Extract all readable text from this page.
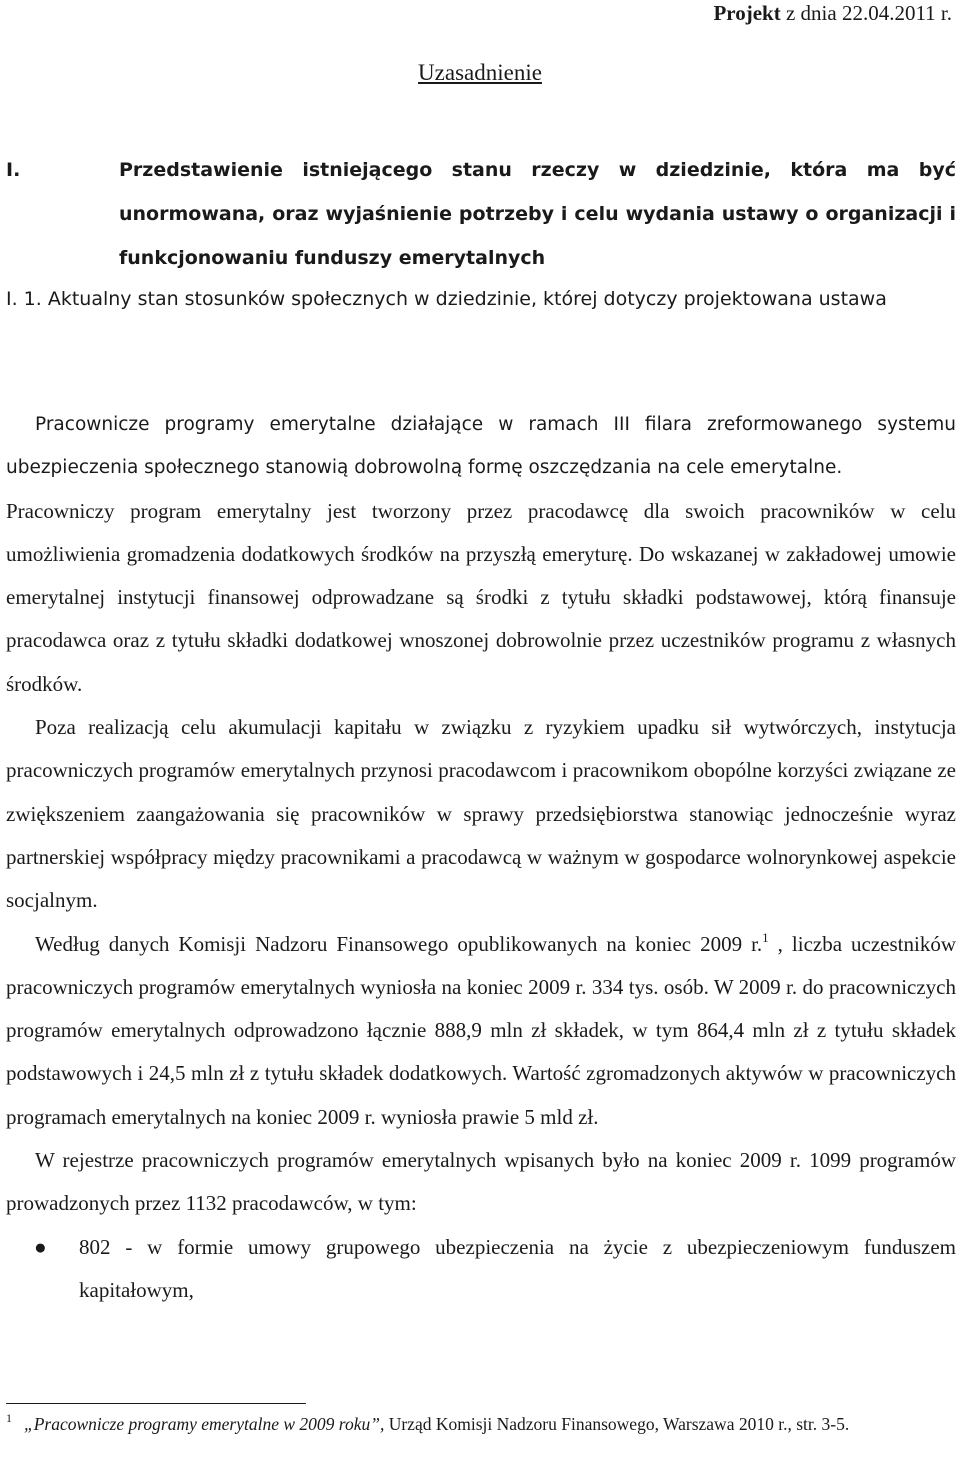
Projekt z dnia 22.04.2011 r.
Uzasadnienie
I.	Przedstawienie istniejącego stanu rzeczy w dziedzinie, która ma być unormowana, oraz wyjaśnienie potrzeby i celu wydania ustawy o organizacji i funkcjonowaniu funduszy emerytalnych
I. 1. Aktualny stan stosunków społecznych w dziedzinie, której dotyczy projektowana ustawa

Pracownicze programy emerytalne działające w ramach III filara zreformowanego systemu ubezpieczenia społecznego stanowią dobrowolną formę oszczędzania na cele emerytalne.

Pracowniczy program emerytalny jest tworzony przez pracodawcę dla swoich pracowników w celu umożliwienia gromadzenia dodatkowych środków na przyszłą emeryturę. Do wskazanej w zakładowej umowie emerytalnej instytucji finansowej odprowadzane są środki z tytułu składki podstawowej, którą finansuje pracodawca oraz z tytułu składki dodatkowej wnoszonej dobrowolnie przez uczestników programu z własnych środków.

Poza realizacją celu akumulacji kapitału w związku z ryzykiem upadku sił wytwórczych, instytucja pracowniczych programów emerytalnych przynosi pracodawcom i pracownikom obopólne korzyści związane ze zwiększeniem zaangażowania się pracowników w sprawy przedsiębiorstwa stanowiąc jednocześnie wyraz partnerskiej współpracy między pracownikami a pracodawcą w ważnym w gospodarce wolnorynkowej aspekcie socjalnym.

Według danych Komisji Nadzoru Finansowego opublikowanych na koniec 2009 r.$^1$ , liczba uczestników pracowniczych programów emerytalnych wyniosła na koniec 2009 r. 334 tys. osób. W 2009 r. do pracowniczych programów emerytalnych odprowadzono łącznie 888,9 mln zł składek, w tym 864,4 mln zł z tytułu składek podstawowych i 24,5 mln zł z tytułu składek dodatkowych. Wartość zgromadzonych aktywów w pracowniczych programach emerytalnych na koniec 2009 r. wyniosła prawie 5 mld zł.

W rejestrze pracowniczych programów emerytalnych wpisanych było na koniec 2009 r. 1099 programów prowadzonych przez 1132 pracodawców, w tym:

● 802 - w formie umowy grupowego ubezpieczenia na życie z ubezpieczeniowym funduszem kapitałowym,
$^1$ „Pracownicze programy emerytalne w 2009 roku”, Urząd Komisji Nadzoru Finansowego, Warszawa 2010 r., str. 3-5.
